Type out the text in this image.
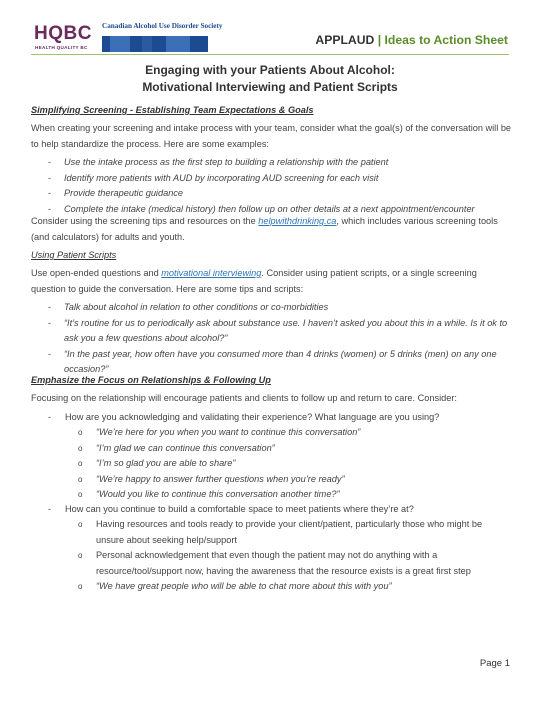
HQBC
HEALTH QUALITY BC
Canadian Alcohol Use Disorder Society
APPLAUD | Ideas to Action Sheet
Engaging with your Patients About Alcohol:
Motivational Interviewing and Patient Scripts
Simplifying Screening - Establishing Team Expectations & Goals
When creating your screening and intake process with your team, consider what the goal(s) of the conversation will be to help standardize the process. Here are some examples:
- Use the intake process as the first step to building a relationship with the patient
- Identify more patients with AUD by incorporating AUD screening for each visit
- Provide therapeutic guidance
- Complete the intake (medical history) then follow up on other details at a next appointment/encounter
Consider using the screening tips and resources on the helpwithdrinking.ca, which includes various screening tools (and calculators) for adults and youth.
Using Patient Scripts
Use open-ended questions and motivational interviewing. Consider using patient scripts, or a single screening question to guide the conversation. Here are some tips and scripts:
- Talk about alcohol in relation to other conditions or co-morbidities
- “It’s routine for us to periodically ask about substance use. I haven’t asked you about this in a while. Is it ok to ask you a few questions about alcohol?”
- “In the past year, how often have you consumed more than 4 drinks (women) or 5 drinks (men) on any one occasion?”
Emphasize the Focus on Relationships & Following Up
Focusing on the relationship will encourage patients and clients to follow up and return to care. Consider:
- How are you acknowledging and validating their experience? What language are you using?
o “We’re here for you when you want to continue this conversation”
o “I’m glad we can continue this conversation”
o “I’m so glad you are able to share”
o “We’re happy to answer further questions when you’re ready”
o “Would you like to continue this conversation another time?”
- How can you continue to build a comfortable space to meet patients where they’re at?
o Having resources and tools ready to provide your client/patient, particularly those who might be unsure about seeking help/support
o Personal acknowledgement that even though the patient may not do anything with a resource/tool/support now, having the awareness that the resource exists is a great first step
o “We have great people who will be able to chat more about this with you”
Page 1
